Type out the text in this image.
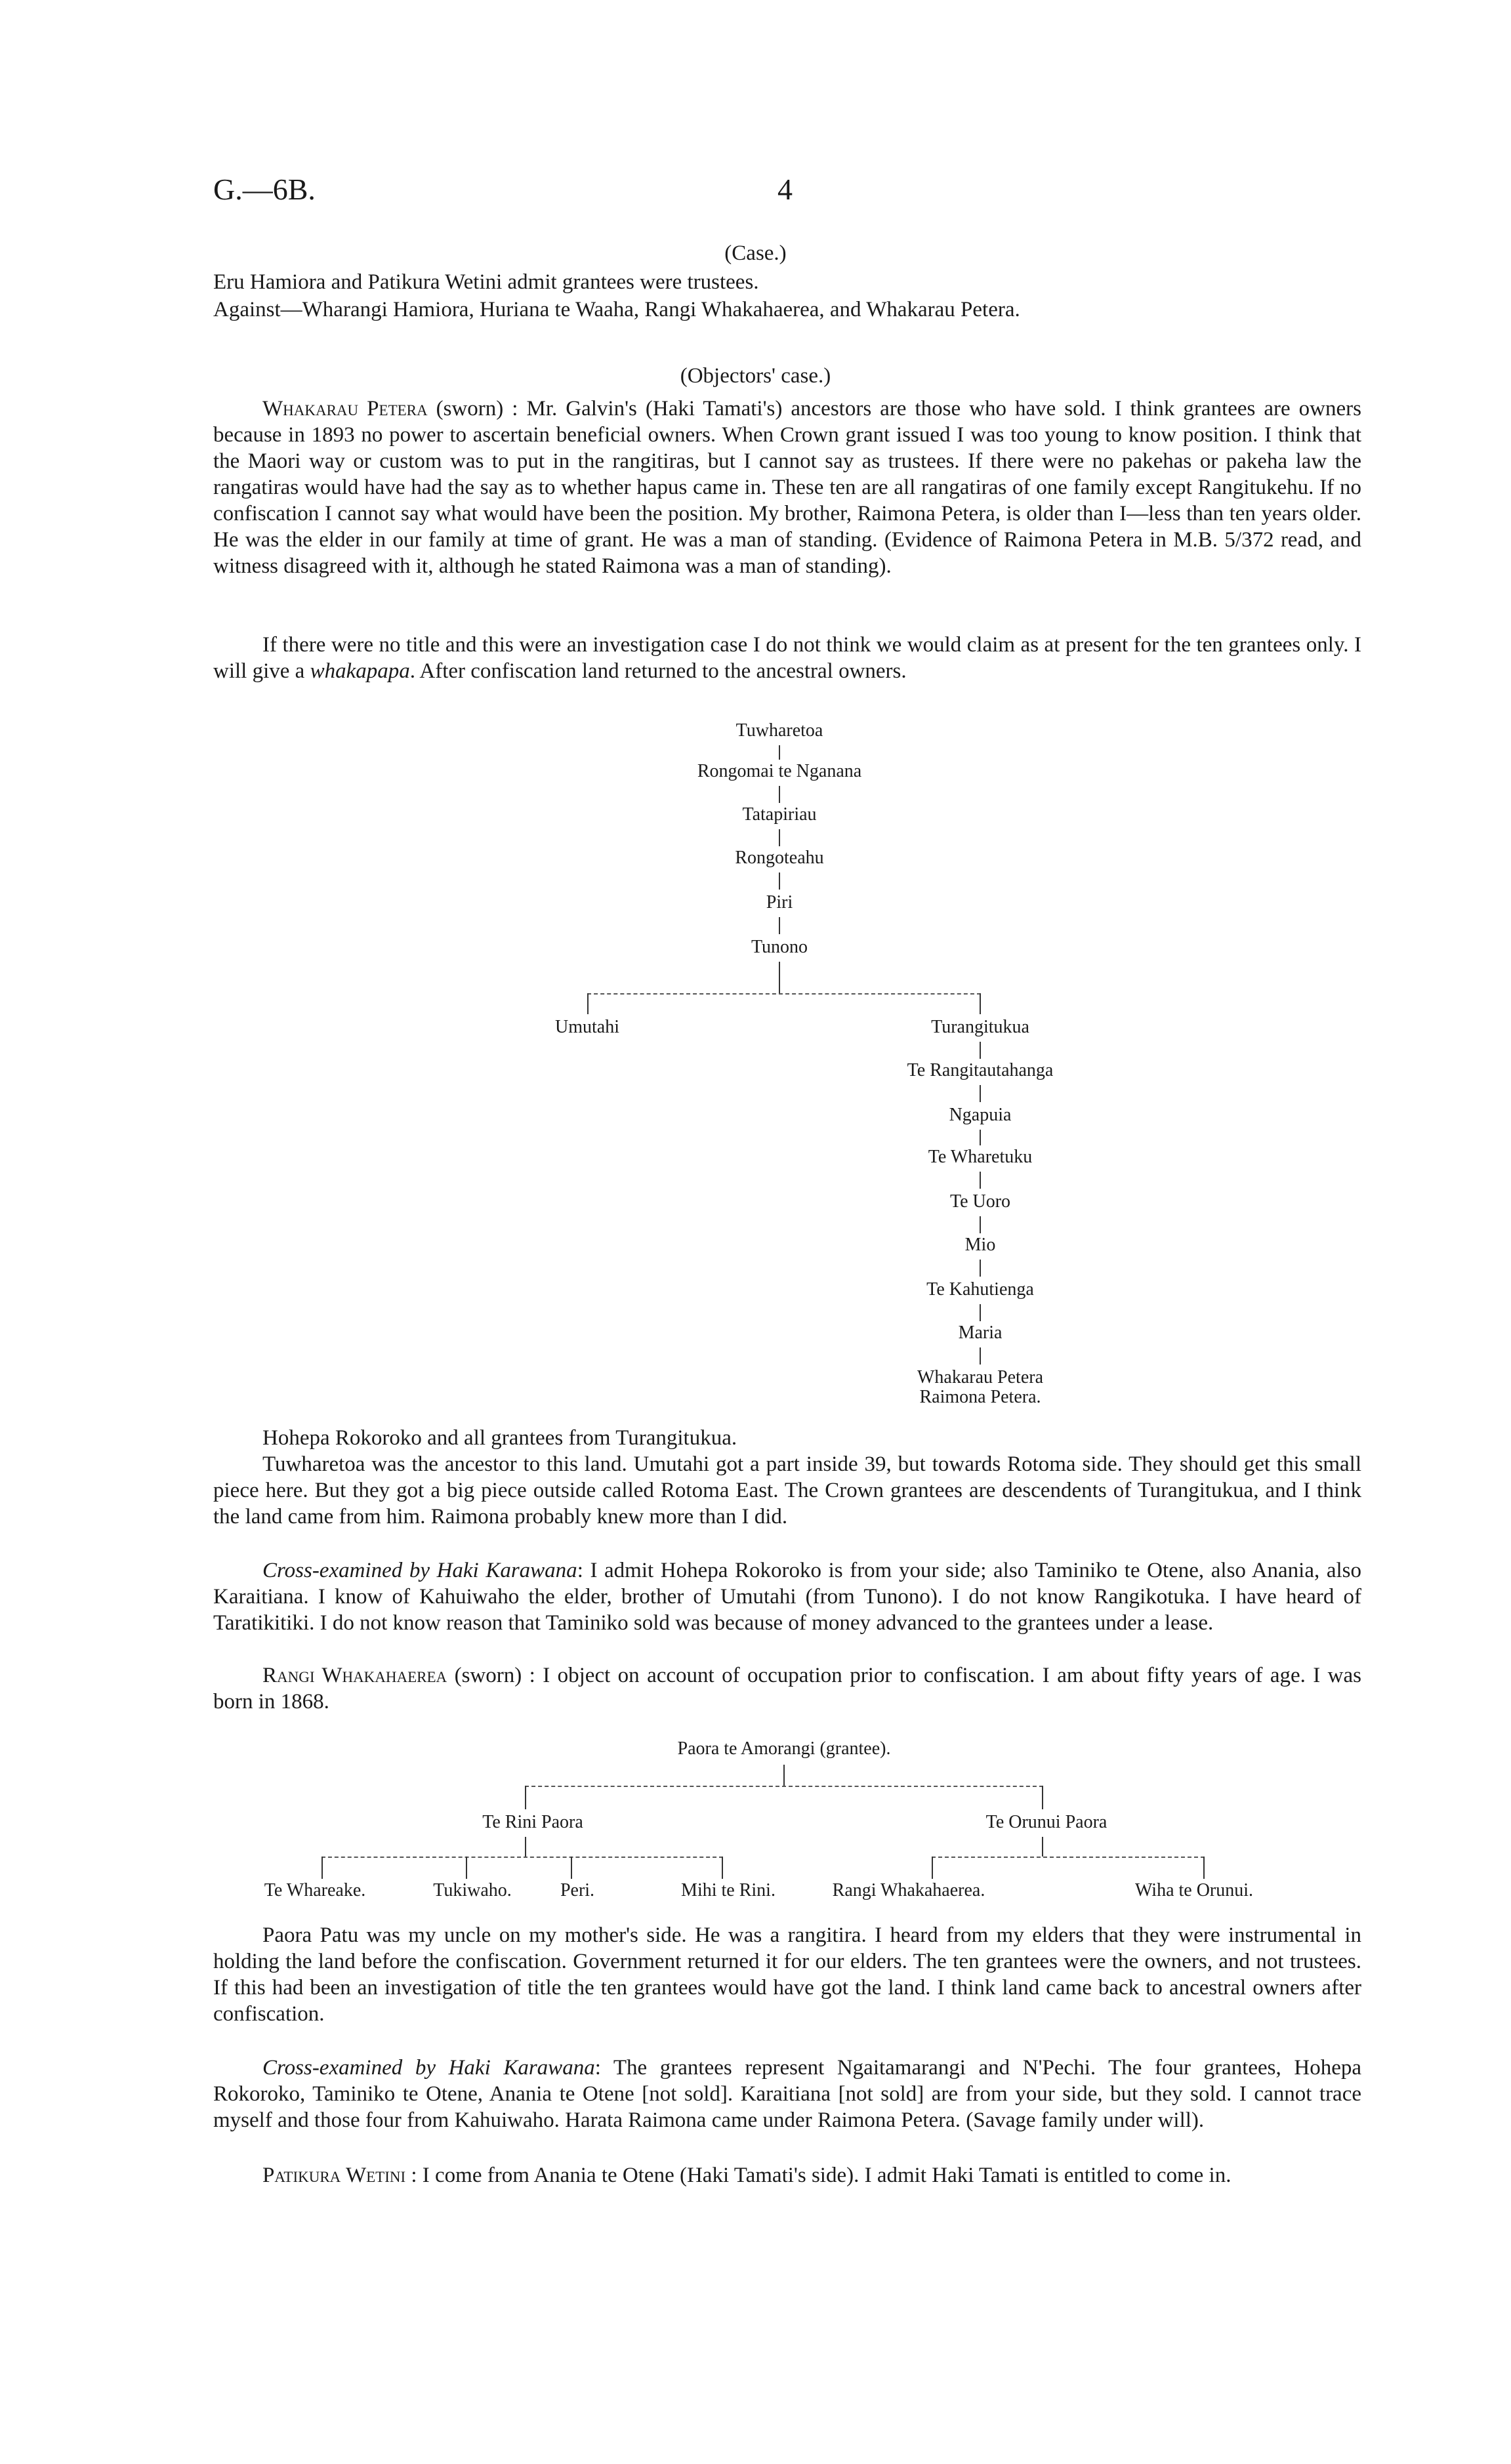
G.—6B.	4
(Case.)
Eru Hamiora and Patikura Wetini admit grantees were trustees.
Against—Wharangi Hamiora, Huriana te Waaha, Rangi Whakahaerea, and Whakarau Petera.
(Objectors' case.)
Whakarau Petera (sworn) : Mr. Galvin's (Haki Tamati's) ancestors are those who have sold. I think grantees are owners because in 1893 no power to ascertain beneficial owners. When Crown grant issued I was too young to know position. I think that the Maori way or custom was to put in the rangitiras, but I cannot say as trustees. If there were no pakehas or pakeha law the rangatiras would have had the say as to whether hapus came in. These ten are all rangatiras of one family except Rangitukehu. If no confiscation I cannot say what would have been the position. My brother, Raimona Petera, is older than I—less than ten years older. He was the elder in our family at time of grant. He was a man of standing. (Evidence of Raimona Petera in M.B. 5/372 read, and witness disagreed with it, although he stated Raimona was a man of standing).
If there were no title and this were an investigation case I do not think we would claim as at present for the ten grantees only. I will give a whakapapa. After confiscation land returned to the ancestral owners.
Tuwharetoa
Rongomai te Nganana
Tatapiriau
Rongoteahu
Piri
Tunono
Umutahi	Turangitukua
Te Rangitautahanga
Ngapuia
Te Wharetuku
Te Uoro
Mio
Te Kahutienga
Maria
Whakarau Petera
Raimona Petera.
Hohepa Rokoroko and all grantees from Turangitukua.
Tuwharetoa was the ancestor to this land. Umutahi got a part inside 39, but towards Rotoma side. They should get this small piece here. But they got a big piece outside called Rotoma East. The Crown grantees are descendents of Turangitukua, and I think the land came from him. Raimona probably knew more than I did.
Cross-examined by Haki Karawana: I admit Hohepa Rokoroko is from your side; also Taminiko te Otene, also Anania, also Karaitiana. I know of Kahuiwaho the elder, brother of Umutahi (from Tunono). I do not know Rangikotuka. I have heard of Taratikitiki. I do not know reason that Taminiko sold was because of money advanced to the grantees under a lease.
Rangi Whakahaerea (sworn) : I object on account of occupation prior to confiscation. I am about fifty years of age. I was born in 1868.
Paora te Amorangi (grantee).
Te Rini Paora	Te Orunui Paora
Te Whareake.	Tukiwaho.	Peri.	Mihi te Rini.	Rangi Whakahaerea.	Wiha te Orunui.
Paora Patu was my uncle on my mother's side. He was a rangitira. I heard from my elders that they were instrumental in holding the land before the confiscation. Government returned it for our elders. The ten grantees were the owners, and not trustees. If this had been an investigation of title the ten grantees would have got the land. I think land came back to ancestral owners after confiscation.
Cross-examined by Haki Karawana: The grantees represent Ngaitamarangi and N'Pechi. The four grantees, Hohepa Rokoroko, Taminiko te Otene, Anania te Otene [not sold]. Karaitiana [not sold] are from your side, but they sold. I cannot trace myself and those four from Kahuiwaho. Harata Raimona came under Raimona Petera. (Savage family under will).
Patikura Wetini : I come from Anania te Otene (Haki Tamati's side). I admit Haki Tamati is entitled to come in.
